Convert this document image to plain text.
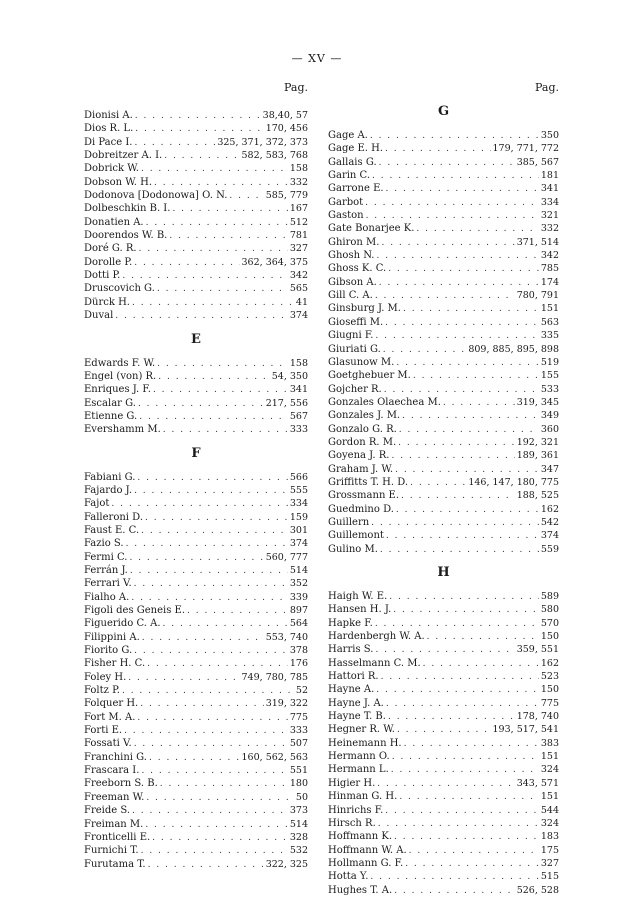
— XV —
Pag.
Dionisi A. . . .	38,40, 57
Dios R. L. . . .	170, 456
Di Pace I. . . .	325, 371, 372, 373
Dobreitzer A. I. . . .	582, 583, 768
Dobrick W. . . .	158
Dobson W. H. . . .	332
Dodonova [Dodonowa] O. N. . . .	585, 779
Dolbeschkin B. I. . . .	167
Donatien A. . . .	512
Doorendos W. B. . . .	781
Doré G. R. . . .	327
Dorolle P. . . .	362, 364, 375
Dotti P. . . .	342
Druscovich G. . . .	565
Dürck H. . . .	41
Duval . . .	374
E
Edwards F. W. . . .	158
Engel (von) R. . . .	54, 350
Enriques J. F. . . .	341
Escalar G. . . .	217, 556
Etienne G. . . .	567
Evershamm M. . . .	333
F
Fabiani G. . . .	566
Fajardo J. . . .	555
Fajot . . .	334
Falleroni D. . . .	159
Faust E. C. . . .	301
Fazio S. . . .	374
Fermi C. . . .	560, 777
Ferrán J. . . .	514
Ferrari V. . . .	352
Fialho A. . . .	339
Figoli des Geneis E. . . .	897
Figuerido C. A. . . .	564
Filippini A. . . .	553, 740
Fiorito G. . . .	378
Fisher H. C. . . .	176
Foley H. . . .	749, 780, 785
Foltz P. . . .	52
Folquer H. . . .	319, 322
Fort M. A. . . .	775
Forti E. . . .	333
Fossati V. . . .	507
Franchini G. . . .	160, 562, 563
Frascara I. . . .	551
Freeborn S. B. . . .	180
Freeman W. . . .	50
Freide S. . . .	373
Freiman M. . . .	514
Fronticelli E. . . .	328
Furnichi T. . . .	532
Furutama T. . . .	322, 325
Pag.
G
Gage A. . . .	350
Gage E. H. . . .	179, 771, 772
Gallais G. . . .	385, 567
Garin C. . . .	181
Garrone E. . . .	341
Garbot . . .	334
Gaston . . .	321
Gate Bonarjee K. . . .	332
Ghiron M. . . .	371, 514
Ghosh N. . . .	342
Ghoss K. C. . . .	785
Gibson A. . . .	174
Gill C. A. . . .	780, 791
Ginsburg J. M. . . .	151
Gioseffi M. . . .	563
Giugni F. . . .	335
Giuriati G. . . .	809, 885, 895, 898
Glasunow M. . . .	519
Goetghebuer M. . . .	155
Gojcher R. . . .	533
Gonzales Olaechea M. . . .	319, 345
Gonzales J. M. . . .	349
Gonzalo G. R. . . .	360
Gordon R. M. . . .	192, 321
Goyena J. R. . . .	189, 361
Graham J. W. . . .	347
Griffitts T. H. D. . . .	146, 147, 180, 775
Grossmann E. . . .	188, 525
Guedmino D. . . .	162
Guillern . . .	542
Guillemont . . .	374
Gulino M. . . .	559
H
Haigh W. E. . . .	589
Hansen H. J. . . .	580
Hapke F. . . .	570
Hardenbergh W. A. . . .	150
Harris S. . . .	359, 551
Hasselmann C. M. . . .	162
Hattori R. . . .	523
Hayne A. . . .	150
Hayne J. A. . . .	775
Hayne T. B. . . .	178, 740
Hegner R. W. . . .	193, 517, 541
Heinemann H. . . .	383
Hermann O. . . .	151
Hermann L. . . .	324
Higier H. . . .	343, 571
Hinman G. H. . . .	151
Hinrichs F. . . .	544
Hirsch R. . . .	324
Hoffmann K. . . .	183
Hoffmann W. A. . . .	175
Hollmann G. F. . . .	327
Hotta Y. . . .	515
Hughes T. A. . . .	526, 528
